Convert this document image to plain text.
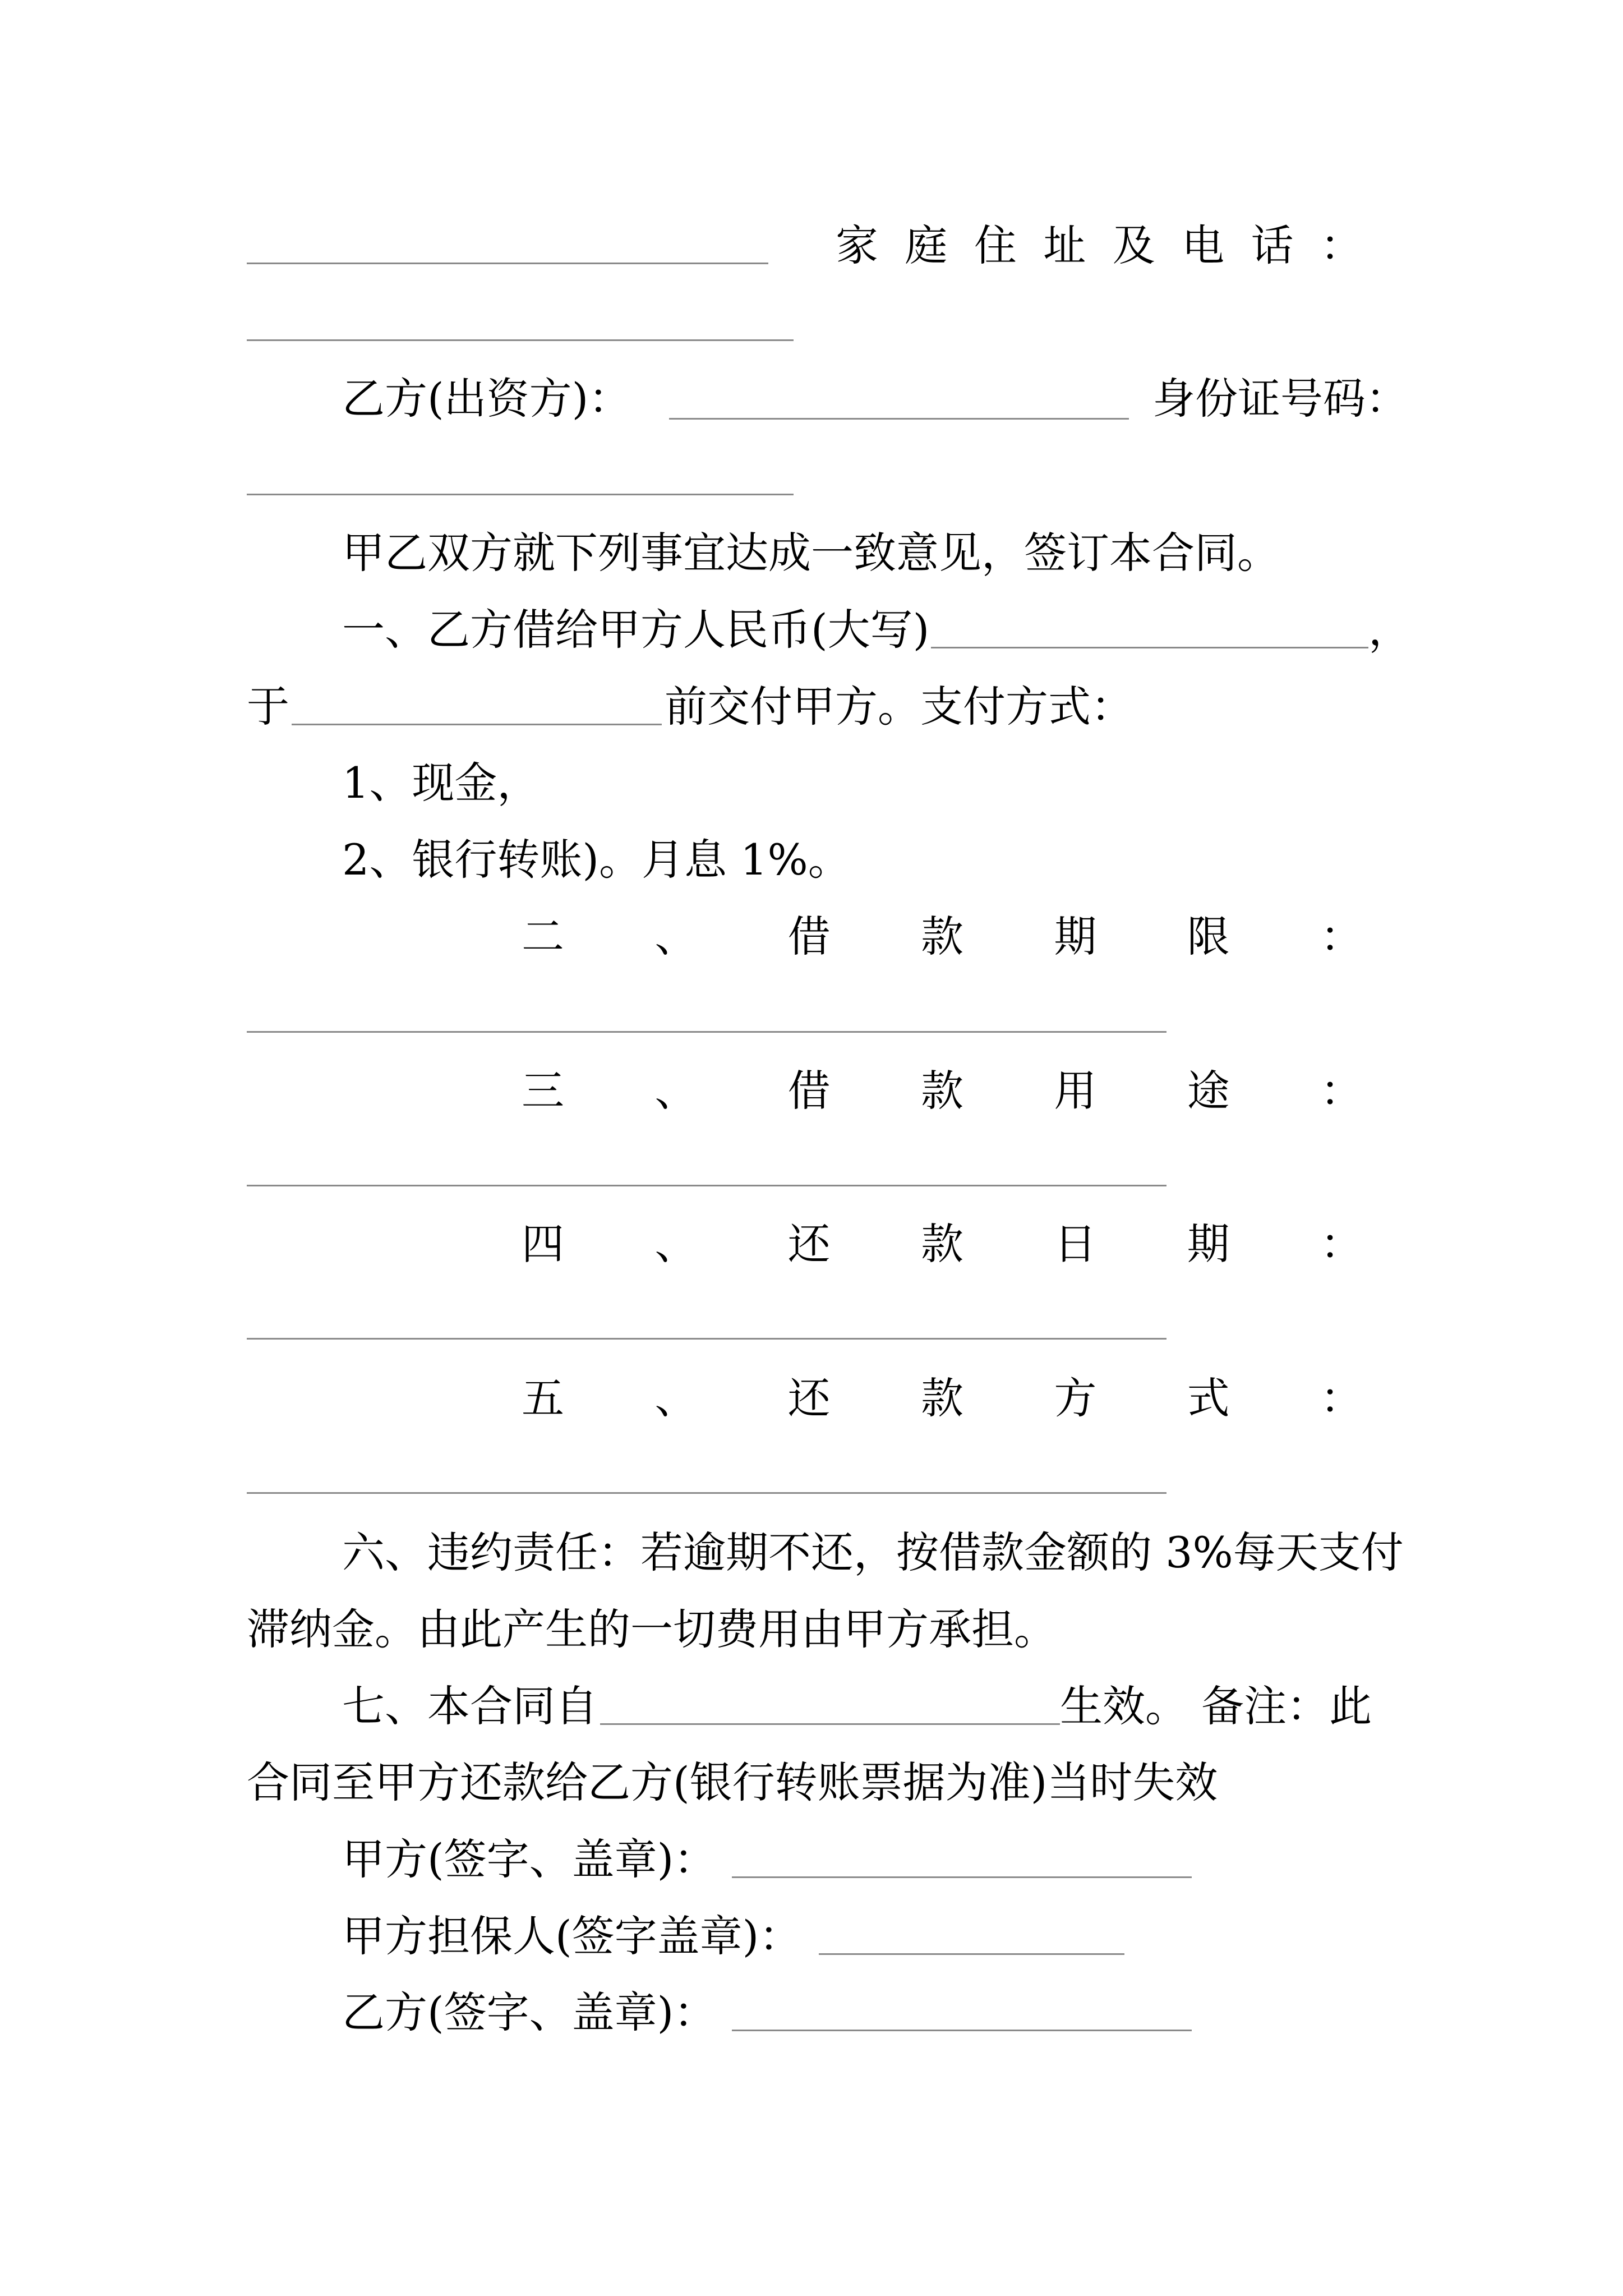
家 庭 住 址 及 电 话 ：
乙方(出资方)：	身份证号码：
甲乙双方就下列事宜达成一致意见，签订本合同。
一、乙方借给甲方人民币(大写)	，
于	前交付甲方。支付方式：
1、现金，
2、银行转账)。月息 1%。
二 、 借 款 期 限 ：
三 、 借 款 用 途 ：
四 、 还 款 日 期 ：
五 、 还 款 方 式 ：
六、违约责任：若逾期不还，按借款金额的 3%每天支付
滞纳金。由此产生的一切费用由甲方承担。
七、本合同自	生效。 备注：此
合同至甲方还款给乙方(银行转账票据为准)当时失效
甲方(签字、盖章)：
甲方担保人(签字盖章)：
乙方(签字、盖章)：
